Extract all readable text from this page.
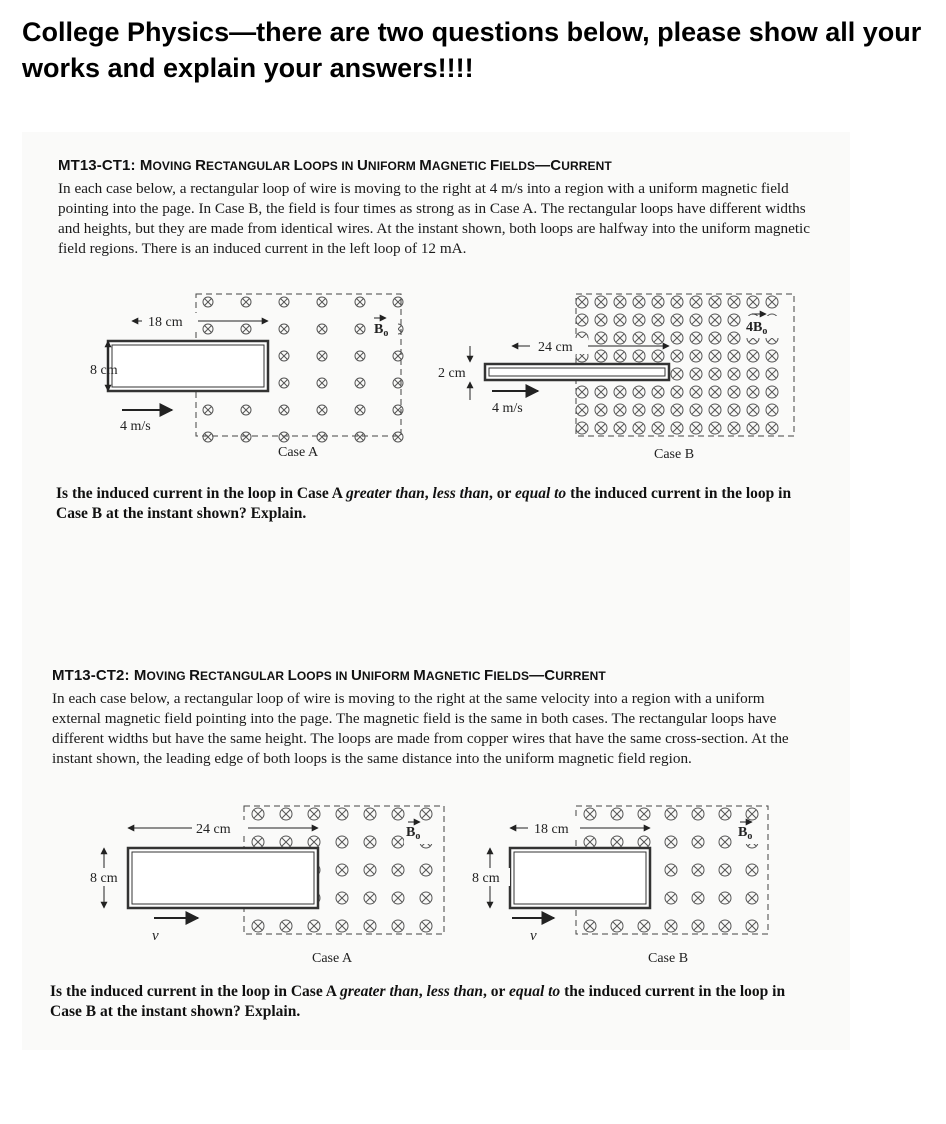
College Physics—there are two questions below, please show all your works and explain your answers!!!!
MT13-CT1: MOVING RECTANGULAR LOOPS IN UNIFORM MAGNETIC FIELDS—CURRENT
In each case below, a rectangular loop of wire is moving to the right at 4 m/s into a region with a uniform magnetic field pointing into the page. In Case B, the field is four times as strong as in Case A. The rectangular loops have different widths and heights, but they are made from identical wires. At the instant shown, both loops are halfway into the uniform magnetic field regions. There is an induced current in the left loop of 12 mA.
18 cm
8 cm
4 m/s
$B_o$
Case A
24 cm
2 cm
4 m/s
$4B_o$
Case B
Is the induced current in the loop in Case A greater than, less than, or equal to the induced current in the loop in Case B at the instant shown? Explain.
MT13-CT2: MOVING RECTANGULAR LOOPS IN UNIFORM MAGNETIC FIELDS—CURRENT
In each case below, a rectangular loop of wire is moving to the right at the same velocity into a region with a uniform external magnetic field pointing into the page. The magnetic field is the same in both cases. The rectangular loops have different widths but have the same height. The loops are made from copper wires that have the same cross-section. At the instant shown, the leading edge of both loops is the same distance into the uniform magnetic field region.
24 cm
8 cm
v
$B_o$
Case A
18 cm
8 cm
v
$B_o$
Case B
Is the induced current in the loop in Case A greater than, less than, or equal to the induced current in the loop in Case B at the instant shown? Explain.
